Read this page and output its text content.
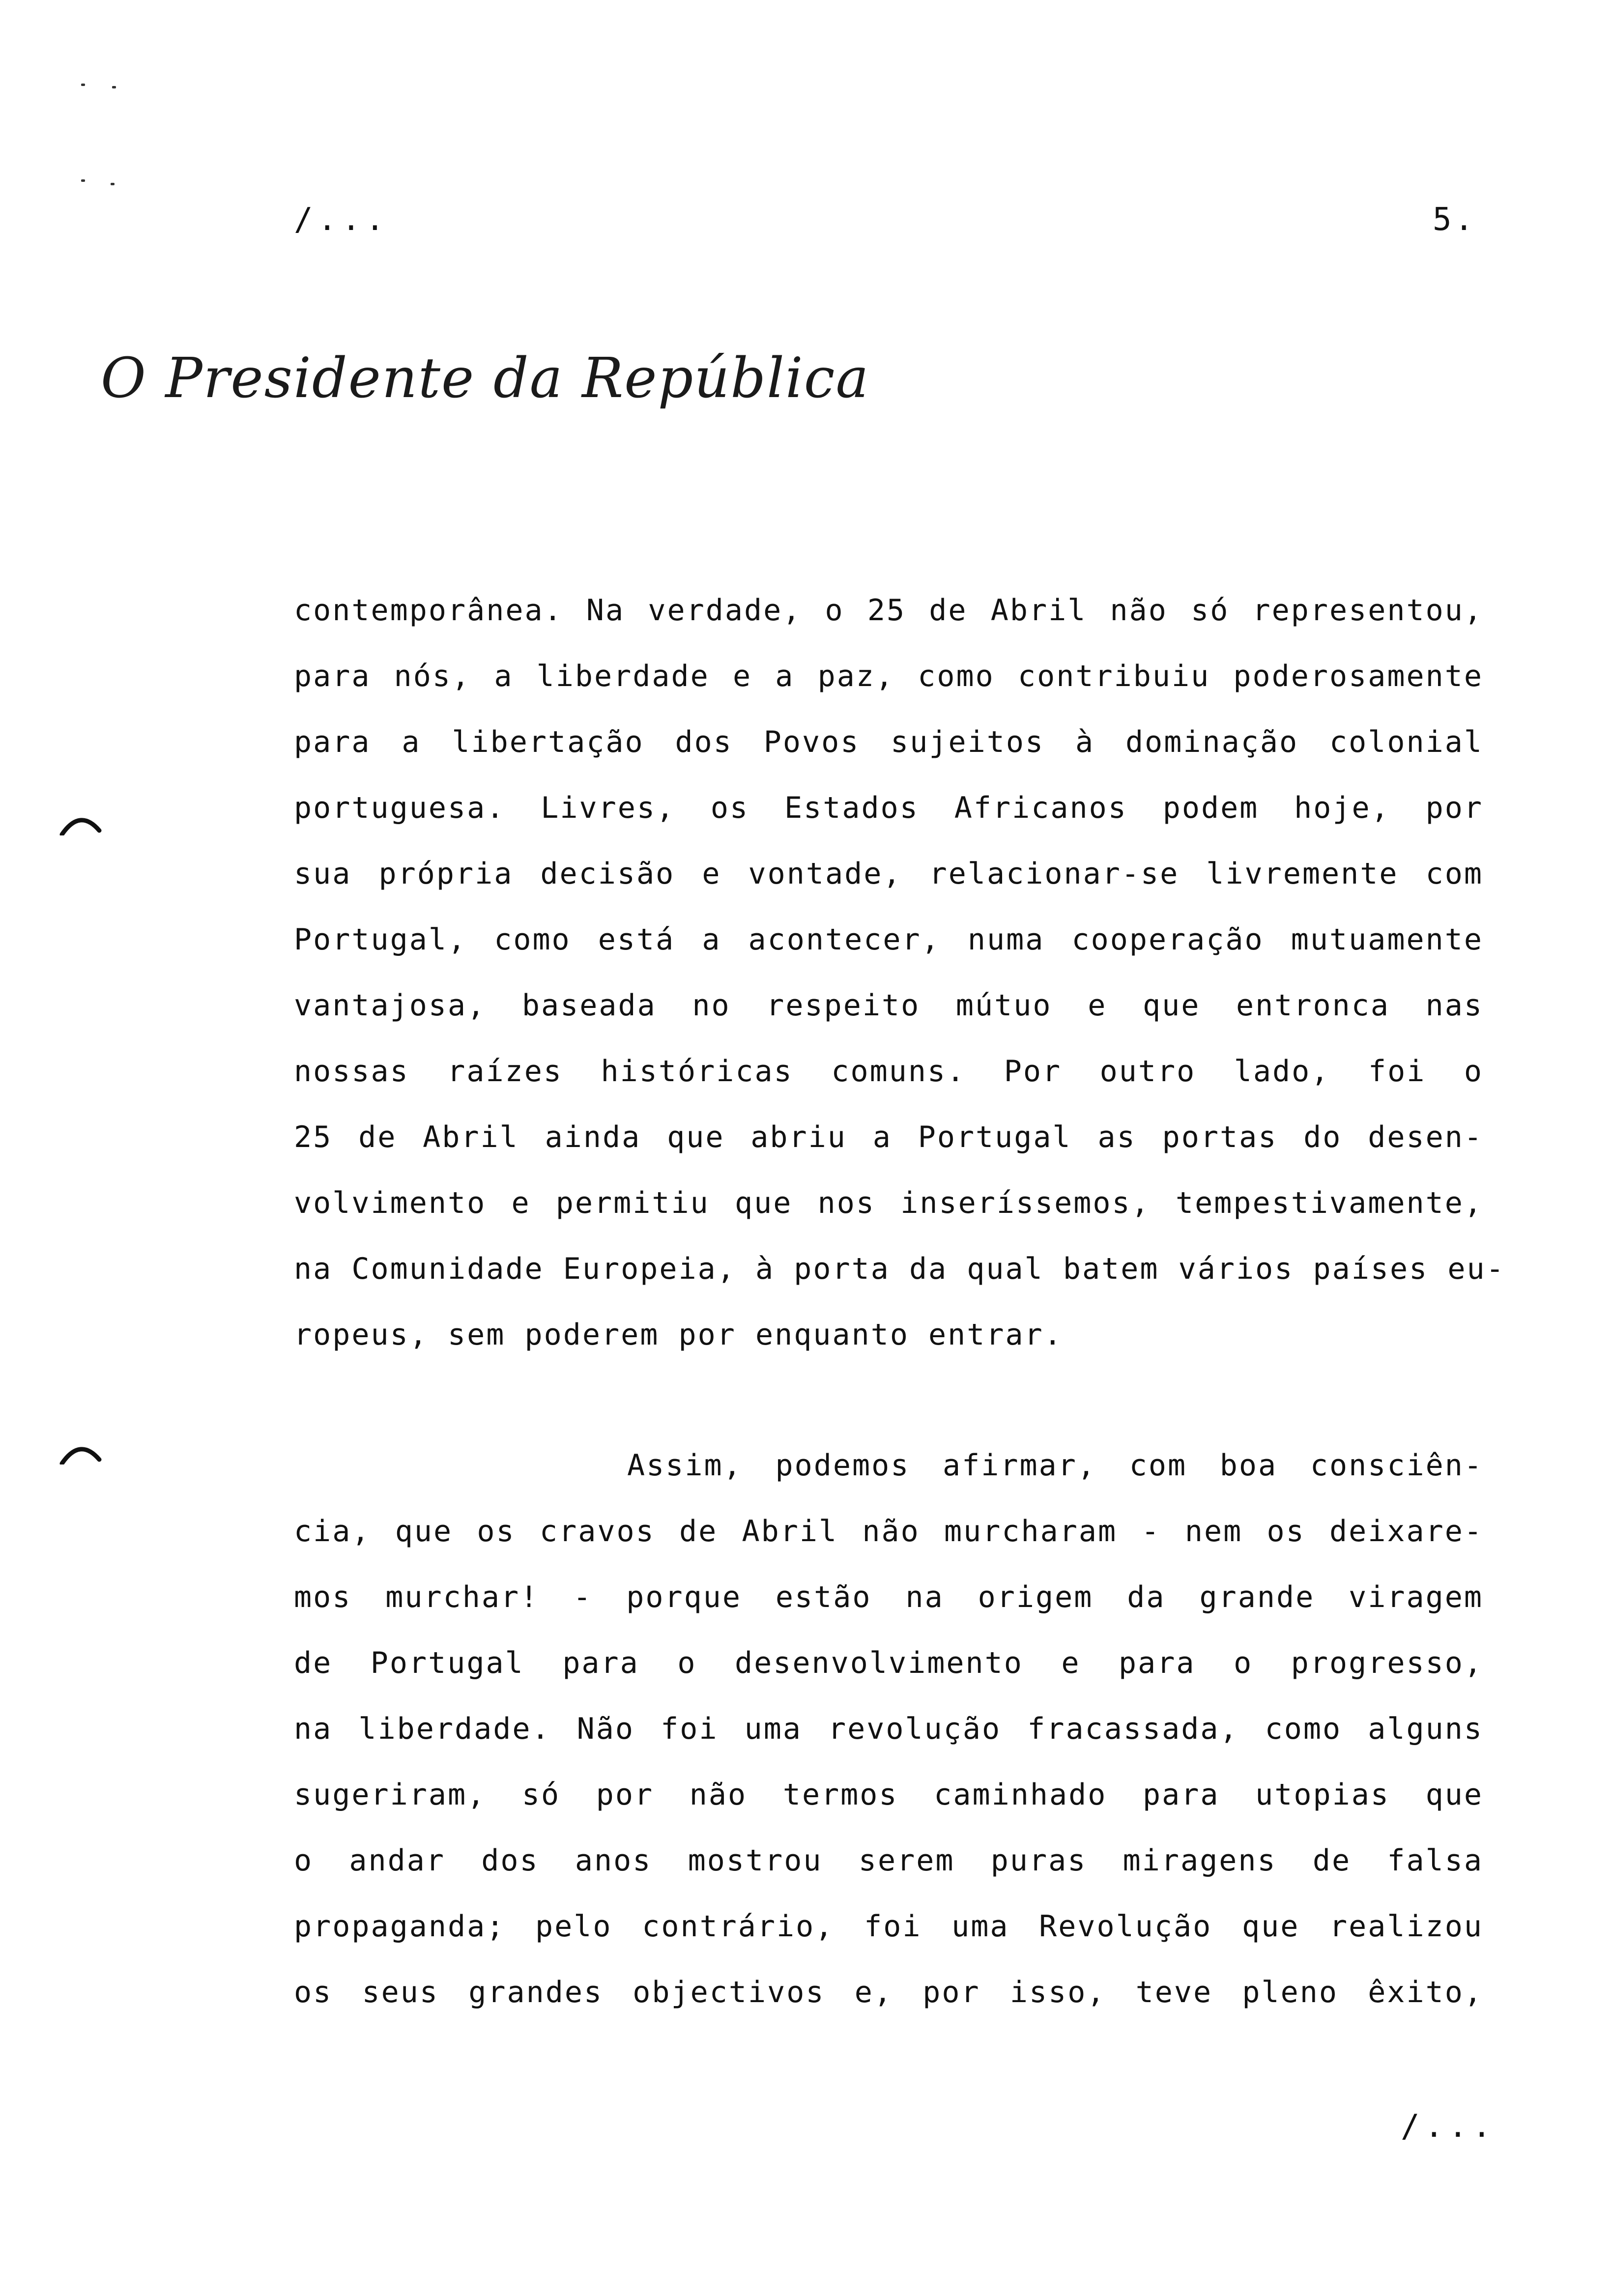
/...	5.
O Presidente da República
contemporânea. Na verdade, o 25 de Abril não só representou,
para nós, a liberdade e a paz, como contribuiu poderosamente
para a libertação dos Povos sujeitos à dominação colonial
portuguesa. Livres, os Estados Africanos podem hoje, por
sua própria decisão e vontade, relacionar-se livremente com
Portugal, como está a acontecer, numa cooperação mutuamente
vantajosa, baseada no respeito mútuo e que entronca nas
nossas raízes históricas comuns. Por outro lado, foi o
25 de Abril ainda que abriu a Portugal as portas do desen-
volvimento e permitiu que nos inseríssemos, tempestivamente,
na Comunidade Europeia, à porta da qual batem vários países eu-
ropeus, sem poderem por enquanto entrar.
Assim, podemos afirmar, com boa consciên-
cia, que os cravos de Abril não murcharam - nem os deixare-
mos murchar! - porque estão na origem da grande viragem
de Portugal para o desenvolvimento e para o progresso,
na liberdade. Não foi uma revolução fracassada, como alguns
sugeriram, só por não termos caminhado para utopias que
o andar dos anos mostrou serem puras miragens de falsa
propaganda; pelo contrário, foi uma Revolução que realizou
os seus grandes objectivos e, por isso, teve pleno êxito,
/...
